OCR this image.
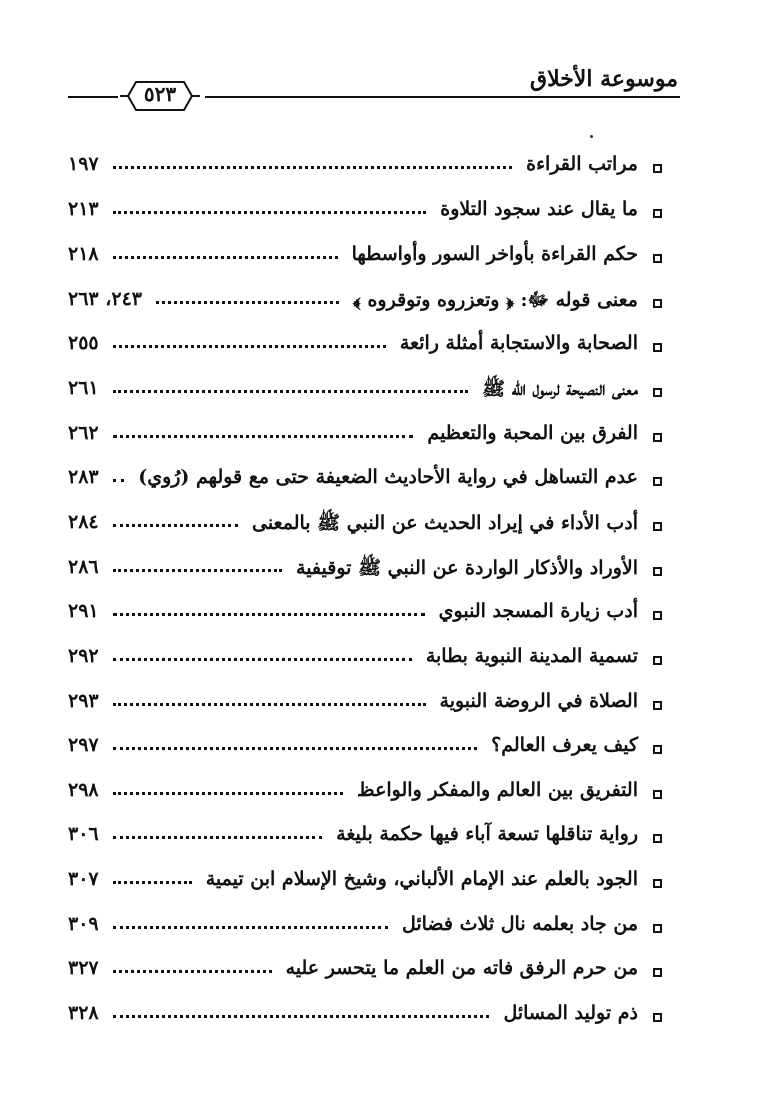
موسوعة الأخلاق
٥٢٣
مراتب القراءة
١٩٧
ما يقال عند سجود التلاوة
٢١٣
حكم القراءة بأواخر السور وأواسطها
٢١٨
معنى قوله ﷻ: ﴿ وتعزروه وتوقروه ﴾
٢٤٣، ٢٦٣
الصحابة والاستجابة أمثلة رائعة
٢٥٥
معنى النصيحة لرسول الله ﷺ
٢٦١
الفرق بين المحبة والتعظيم
٢٦٢
عدم التساهل في رواية الأحاديث الضعيفة حتى مع قولهم (رُوي)
٢٨٣
أدب الأداء في إيراد الحديث عن النبي ﷺ بالمعنى
٢٨٤
الأوراد والأذكار الواردة عن النبي ﷺ توقيفية
٢٨٦
أدب زيارة المسجد النبوي
٢٩١
تسمية المدينة النبوية بطابة
٢٩٢
الصلاة في الروضة النبوية
٢٩٣
كيف يعرف العالم؟
٢٩٧
التفريق بين العالم والمفكر والواعظ
٢٩٨
رواية تناقلها تسعة آباء فيها حكمة بليغة
٣٠٦
الجود بالعلم عند الإمام الألباني، وشيخ الإسلام ابن تيمية
٣٠٧
من جاد بعلمه نال ثلاث فضائل
٣٠٩
من حرم الرفق فاته من العلم ما يتحسر عليه
٣٢٧
ذم توليد المسائل
٣٢٨
